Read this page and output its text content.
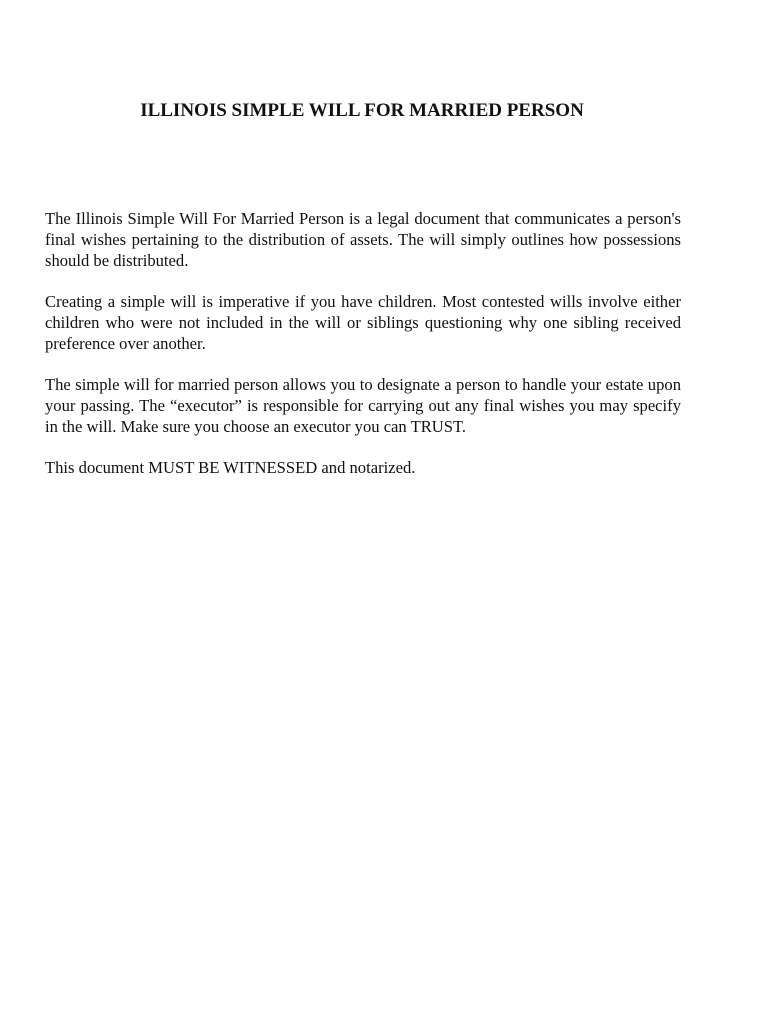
ILLINOIS SIMPLE WILL FOR MARRIED PERSON

The Illinois Simple Will For Married Person is a legal document that communicates a person's final wishes pertaining to the distribution of assets. The will simply outlines how possessions should be distributed.

Creating a simple will is imperative if you have children. Most contested wills involve either children who were not included in the will or siblings questioning why one sibling received preference over another.

The simple will for married person allows you to designate a person to handle your estate upon your passing. The “executor” is responsible for carrying out any final wishes you may specify in the will. Make sure you choose an executor you can TRUST.

This document MUST BE WITNESSED and notarized.
